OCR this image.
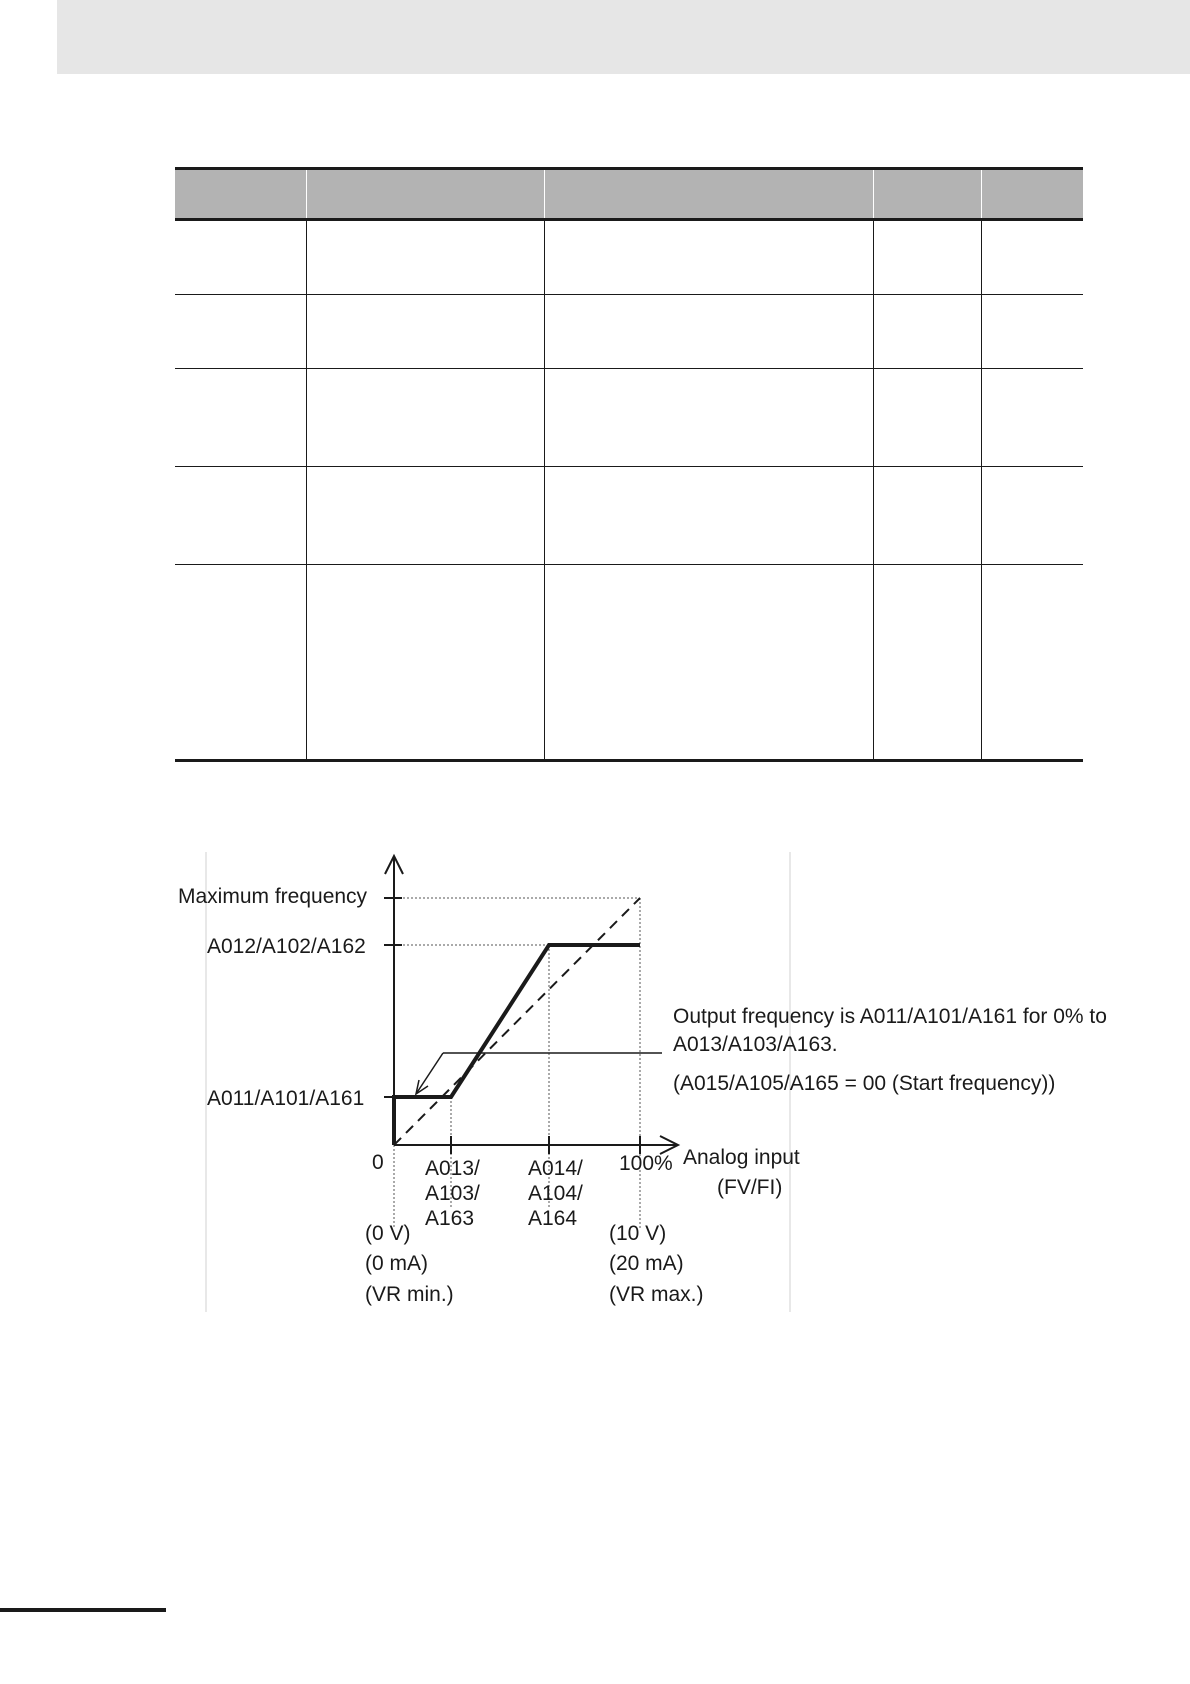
Maximum frequency
A012/A102/A162
A011/A101/A161
0 A013/
A103/
A163
A014/
A104/
A164
100% Analog input
(FV/FI)
(0 V)
(0 mA)
(VR min.)
(10 V)
(20 mA)
(VR max.)
Output frequency is A011/A101/A161 for 0% to
A013/A103/A163.
(A015/A105/A165 = 00 (Start frequency))
